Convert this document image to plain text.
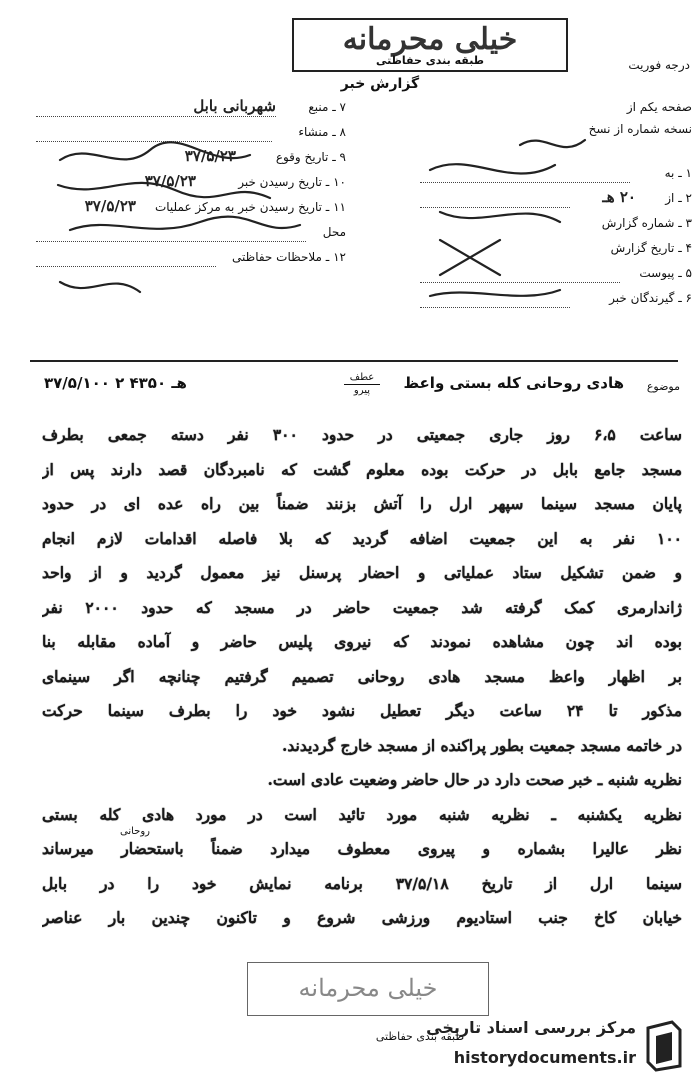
درجه فوریت
خیلی محرمانه
طبقه بندی حفاظتی
گزارش خبر
۷ ـ منبع
شهربانی بابل
۸ ـ منشاء
۹ ـ تاریخ وقوع
۳۷/۵/۲۳
۱۰ ـ تاریخ رسیدن خبر
۳۷/۵/۲۳
۱۱ ـ تاریخ رسیدن خبر به مرکز عملیات
۳۷/۵/۲۳
محل
۱۲ ـ ملاحظات حفاظتی
صفحه یکم از
نسخه شماره از نسخ
۱ ـ به
۲ ـ از
۲۰ هـ
۳ ـ شماره گزارش
۴ ـ تاریخ گزارش
۵ ـ پیوست
۶ ـ گیرندگان خبر
موضوع
هادی روحانی کله بستی واعظ
عطف
پیرو
۳۷/۵/۱۰۰ ۲ هـ ۴۳۵۰
ساعت ۶،۵ روز جاری جمعیتی در حدود ۳۰۰ نفر دسته جمعی بطرف
مسجد جامع بابل در حرکت بوده معلوم گشت که نامبردگان قصد دارند پس از
پایان مسجد سینما سپهر ارل را آتش بزنند ضمناً بین راه عده ای در حدود
۱۰۰ نفر به این جمعیت اضافه گردید که بلا فاصله اقدامات لازم انجام
و ضمن تشکیل ستاد عملیاتی و احضار پرسنل نیز معمول گردید و از واحد
ژاندارمری کمک گرفته شد جمعیت حاضر در مسجد که حدود ۲۰۰۰ نفر
بوده اند چون مشاهده نمودند که نیروی پلیس حاضر و آماده مقابله بنا
بر اظهار واعظ مسجد هادی روحانی تصمیم گرفتیم چنانچه اگر سینمای
مذکور تا ۲۴ ساعت دیگر تعطیل نشود خود را بطرف سینما حرکت
در خاتمه مسجد جمعیت بطور پراکنده از مسجد خارج گردیدند.
نظریه شنبه ـ خبر صحت دارد در حال حاضر وضعیت عادی است.
نظریه یکشنبه ـ نظریه شنبه مورد تائید است در مورد هادی کله بستی
نظر عالیرا بشماره و پیروی معطوف میدارد ضمناً باستحضار میرساند
سینما ارل از تاریخ ۳۷/۵/۱۸ برنامه نمایش خود را در بابل
خیابان کاخ جنب استادیوم ورزشی شروع و تاکنون چندین بار عناصر
روحانی
خیلی محرمانه
طبقه بندی حفاظتی
مرکز بررسی اسناد تاریخی
historydocuments.ir
